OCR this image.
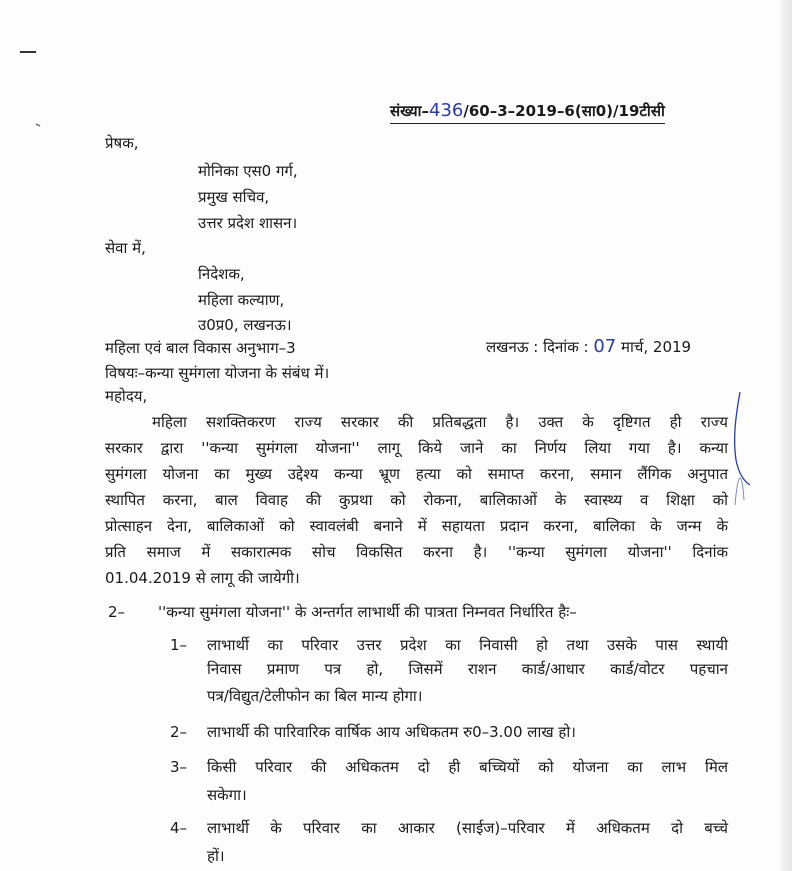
संख्या–436/60–3–2019–6(सा0)/19टीसी
प्रेषक,
मोनिका एस0 गर्ग,
प्रमुख सचिव,
उत्तर प्रदेश शासन।
सेवा में,
निदेशक,
महिला कल्याण,
उ0प्र0, लखनऊ।
महिला एवं बाल विकास अनुभाग–3	लखनऊ : दिनांक : 07 मार्च, 2019
विषयः–कन्या सुमंगला योजना के संबंध में।
महोदय,
महिला सशक्तिकरण राज्य सरकार की प्रतिबद्धता है। उक्त के दृष्टिगत ही राज्य
सरकार द्वारा ''कन्या सुमंगला योजना'' लागू किये जाने का निर्णय लिया गया है। कन्या
सुमंगला योजना का मुख्य उद्देश्य कन्या भ्रूण हत्या को समाप्त करना, समान लैंगिक अनुपात
स्थापित करना, बाल विवाह की कुप्रथा को रोकना, बालिकाओं के स्वास्थ्य व शिक्षा को
प्रोत्साहन देना, बालिकाओं को स्वावलंबी बनाने में सहायता प्रदान करना, बालिका के जन्म के
प्रति समाज में सकारात्मक सोच विकसित करना है। ''कन्या सुमंगला योजना'' दिनांक
01.04.2019 से लागू की जायेगी।
2– ''कन्या सुमंगला योजना'' के अन्तर्गत लाभार्थी की पात्रता निम्नवत निर्धारित हैः–
1– लाभार्थी का परिवार उत्तर प्रदेश का निवासी हो तथा उसके पास स्थायी
निवास प्रमाण पत्र हो, जिसमें राशन कार्ड/आधार कार्ड/वोटर पहचान
पत्र/विद्युत/टेलीफोन का बिल मान्य होगा।
2– लाभार्थी की पारिवारिक वार्षिक आय अधिकतम रु0–3.00 लाख हो।
3– किसी परिवार की अधिकतम दो ही बच्चियों को योजना का लाभ मिल
सकेगा।
4– लाभार्थी के परिवार का आकार (साईज)–परिवार में अधिकतम दो बच्चे
हों।
